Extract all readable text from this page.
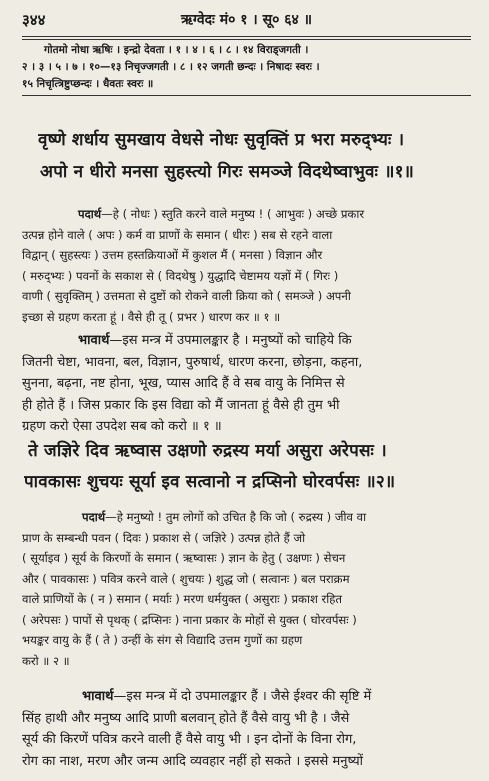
३४४	ऋग्वेदः मं० १ । सू० ६४ ॥
गोतमो नोधा ऋषिः । इन्द्रो देवता । १ । ४ । ६ । ८ । १४ विराड्जगती ।
२ । ३ । ५ । ७ । १०—१३ निचृज्जगती । ८ । १२ जगती छन्दः । निषादः स्वरः ।
१५ निचृत्त्रिष्टुप्छन्दः । धैवतः स्वरः ॥
वृष्णे शर्धाय सुमखाय वेधसे नोधः सुवृक्तिं प्र भरा मरुद्भ्यः ।
अपो न धीरो मनसा सुहस्त्यो गिरः समञ्जे विदथेष्वाभुवः ॥१॥
पदार्थ—हे ( नोधः ) स्तुति करने वाले मनुष्य ! ( आभुवः ) अच्छे प्रकार
उत्पन्न होने वाले ( अपः ) कर्म वा प्राणों के समान ( धीरः ) सब से रहने वाला
विद्वान् ( सुहस्त्यः ) उत्तम हस्तक्रियाओं में कुशल मैं ( मनसा ) विज्ञान और
( मरुद्भ्यः ) पवनों के सकाश से ( विदथेषु ) युद्धादि चेष्टामय यज्ञों में ( गिरः )
वाणी ( सुवृक्तिम् ) उत्तमता से दुष्टों को रोकने वाली क्रिया को ( समञ्जे ) अपनी
इच्छा से ग्रहण करता हूं । वैसे ही तू ( प्रभर ) धारण कर ॥ १ ॥
भावार्थ—इस मन्त्र में उपमालङ्कार है । मनुष्यों को चाहिये कि
जितनी चेष्टा, भावना, बल, विज्ञान, पुरुषार्थ, धारण करना, छोड़ना, कहना,
सुनना, बढ़ना, नष्ट होना, भूख, प्यास आदि हैं वे सब वायु के निमित्त से
ही होते हैं । जिस प्रकार कि इस विद्या को मैं जानता हूं वैसे ही तुम भी
ग्रहण करो ऐसा उपदेश सब को करो ॥ १ ॥
ते जज्ञिरे दिव ऋष्वास उक्षणो रुद्रस्य मर्या असुरा अरेपसः ।
पावकासः शुचयः सूर्या इव सत्वानो न द्रप्सिनो घोरवर्पसः ॥२॥
पदार्थ—हे मनुष्यो ! तुम लोगों को उचित है कि जो ( रुद्रस्य ) जीव वा
प्राण के सम्बन्धी पवन ( दिवः ) प्रकाश से ( जज्ञिरे ) उत्पन्न होते हैं जो
( सूर्याइव ) सूर्य के किरणों के समान ( ऋष्वासः ) ज्ञान के हेतु ( उक्षणः ) सेचन
और ( पावकासः ) पवित्र करने वाले ( शुचयः ) शुद्ध जो ( सत्वानः ) बल पराक्रम
वाले प्राणियों के ( न ) समान ( मर्याः ) मरण धर्मयुक्त ( असुराः ) प्रकाश रहित
( अरेपसः ) पापों से पृथक् ( द्रप्सिनः ) नाना प्रकार के मोहों से युक्त ( घोरवर्पसः )
भयङ्कर वायु के हैं ( ते ) उन्हीं के संग से विद्यादि उत्तम गुणों का ग्रहण
करो ॥ २ ॥
भावार्थ—इस मन्त्र में दो उपमालङ्कार हैं । जैसे ईश्वर की सृष्टि में
सिंह हाथी और मनुष्य आदि प्राणी बलवान् होते हैं वैसे वायु भी है । जैसे
सूर्य की किरणें पवित्र करने वाली हैं वैसे वायु भी । इन दोनों के विना रोग,
रोग का नाश, मरण और जन्म आदि व्यवहार नहीं हो सकते । इससे मनुष्यों
